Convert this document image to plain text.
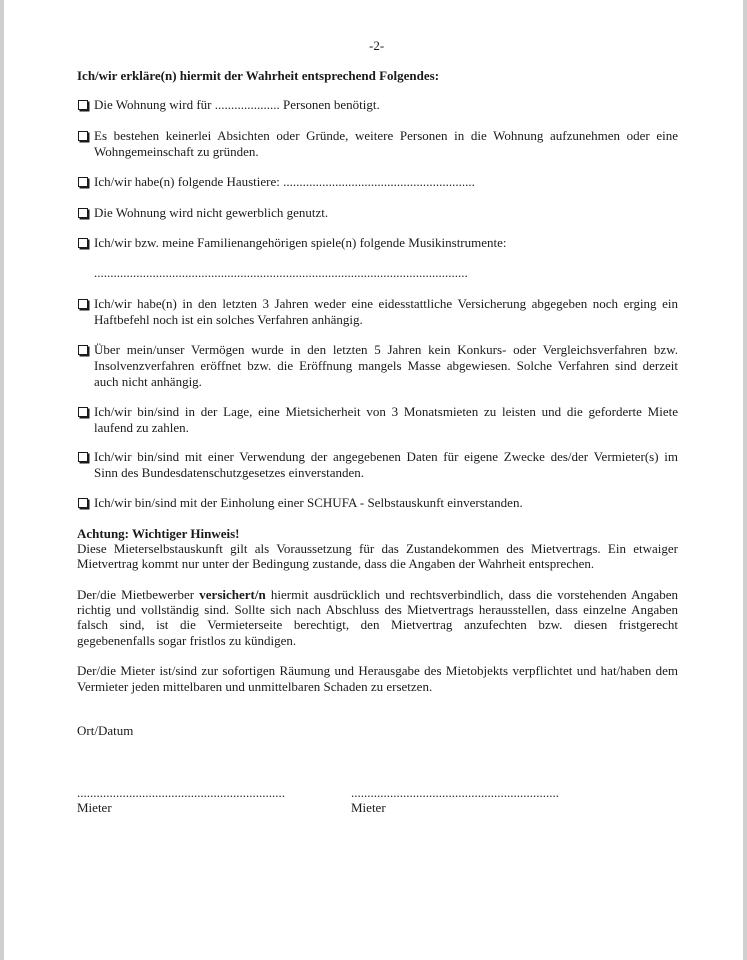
-2-
Ich/wir erkläre(n) hiermit der Wahrheit entsprechend Folgendes:
Die Wohnung wird für .................... Personen benötigt.
Es bestehen keinerlei Absichten oder Gründe, weitere Personen in die Wohnung aufzunehmen oder eine
Wohngemeinschaft zu gründen.
Ich/wir habe(n) folgende Haustiere: ...........................................................
Die Wohnung wird nicht gewerblich genutzt.
Ich/wir bzw. meine Familienangehörigen spiele(n) folgende Musikinstrumente:
...................................................................................................................
Ich/wir habe(n) in den letzten 3 Jahren weder eine eidesstattliche Versicherung abgegeben noch erging ein
Haftbefehl noch ist ein solches Verfahren anhängig.
Über mein/unser Vermögen wurde in den letzten 5 Jahren kein Konkurs- oder Vergleichsverfahren bzw.
Insolvenzverfahren eröffnet bzw. die Eröffnung mangels Masse abgewiesen. Solche Verfahren sind derzeit
auch nicht anhängig.
Ich/wir bin/sind in der Lage, eine Mietsicherheit von 3 Monatsmieten zu leisten und die geforderte Miete
laufend zu zahlen.
Ich/wir bin/sind mit einer Verwendung der angegebenen Daten für eigene Zwecke des/der Vermieter(s) im
Sinn des Bundesdatenschutzgesetzes einverstanden.
Ich/wir bin/sind mit der Einholung einer SCHUFA - Selbstauskunft einverstanden.
Achtung: Wichtiger Hinweis!
Diese Mieterselbstauskunft gilt als Voraussetzung für das Zustandekommen des Mietvertrags. Ein etwaiger
Mietvertrag kommt nur unter der Bedingung zustande, dass die Angaben der Wahrheit entsprechen.
Der/die Mietbewerber versichert/n hiermit ausdrücklich und rechtsverbindlich, dass die vorstehenden Angaben
richtig und vollständig sind. Sollte sich nach Abschluss des Mietvertrags herausstellen, dass einzelne Angaben
falsch sind, ist die Vermieterseite berechtigt, den Mietvertrag anzufechten bzw. diesen fristgerecht
gegebenenfalls sogar fristlos zu kündigen.
Der/die Mieter ist/sind zur sofortigen Räumung und Herausgabe des Mietobjekts verpflichtet und hat/haben dem
Vermieter jeden mittelbaren und unmittelbaren Schaden zu ersetzen.
Ort/Datum
................................................................
Mieter
................................................................
Mieter
